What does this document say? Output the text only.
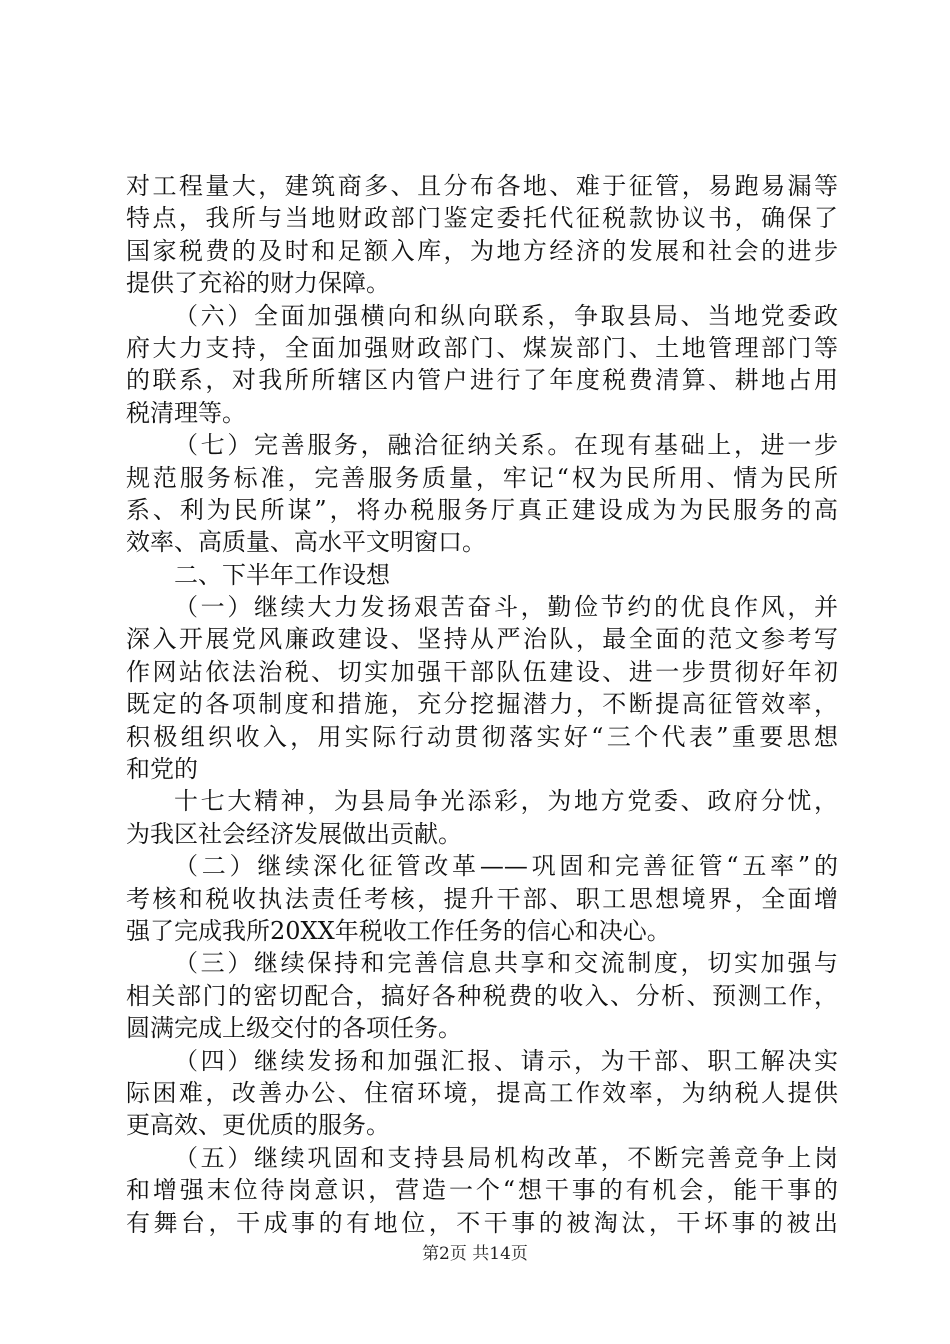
对工程量大，建筑商多、且分布各地、难于征管，易跑易漏等
特点，我所与当地财政部门鉴定委托代征税款协议书，确保了
国家税费的及时和足额入库，为地方经济的发展和社会的进步
提供了充裕的财力保障。
（六）全面加强横向和纵向联系，争取县局、当地党委政
府大力支持，全面加强财政部门、煤炭部门、土地管理部门等
的联系，对我所所辖区内管户进行了年度税费清算、耕地占用
税清理等。
（七）完善服务，融洽征纳关系。在现有基础上，进一步
规范服务标准，完善服务质量，牢记“权为民所用、情为民所
系、利为民所谋”，将办税服务厅真正建设成为为民服务的高
效率、高质量、高水平文明窗口。
二、下半年工作设想
（一）继续大力发扬艰苦奋斗，勤俭节约的优良作风，并
深入开展党风廉政建设、坚持从严治队，最全面的范文参考写
作网站依法治税、切实加强干部队伍建设、进一步贯彻好年初
既定的各项制度和措施，充分挖掘潜力，不断提高征管效率，
积极组织收入，用实际行动贯彻落实好“三个代表”重要思想
和党的
十七大精神，为县局争光添彩，为地方党委、政府分忧，
为我区社会经济发展做出贡献。
（二）继续深化征管改革——巩固和完善征管“五率”的
考核和税收执法责任考核，提升干部、职工思想境界，全面增
强了完成我所20XX年税收工作任务的信心和决心。
（三）继续保持和完善信息共享和交流制度，切实加强与
相关部门的密切配合，搞好各种税费的收入、分析、预测工作，
圆满完成上级交付的各项任务。
（四）继续发扬和加强汇报、请示，为干部、职工解决实
际困难，改善办公、住宿环境，提高工作效率，为纳税人提供
更高效、更优质的服务。
（五）继续巩固和支持县局机构改革，不断完善竞争上岗
和增强末位待岗意识，营造一个“想干事的有机会，能干事的
有舞台，干成事的有地位，不干事的被淘汰，干坏事的被出
第2页 共14页
